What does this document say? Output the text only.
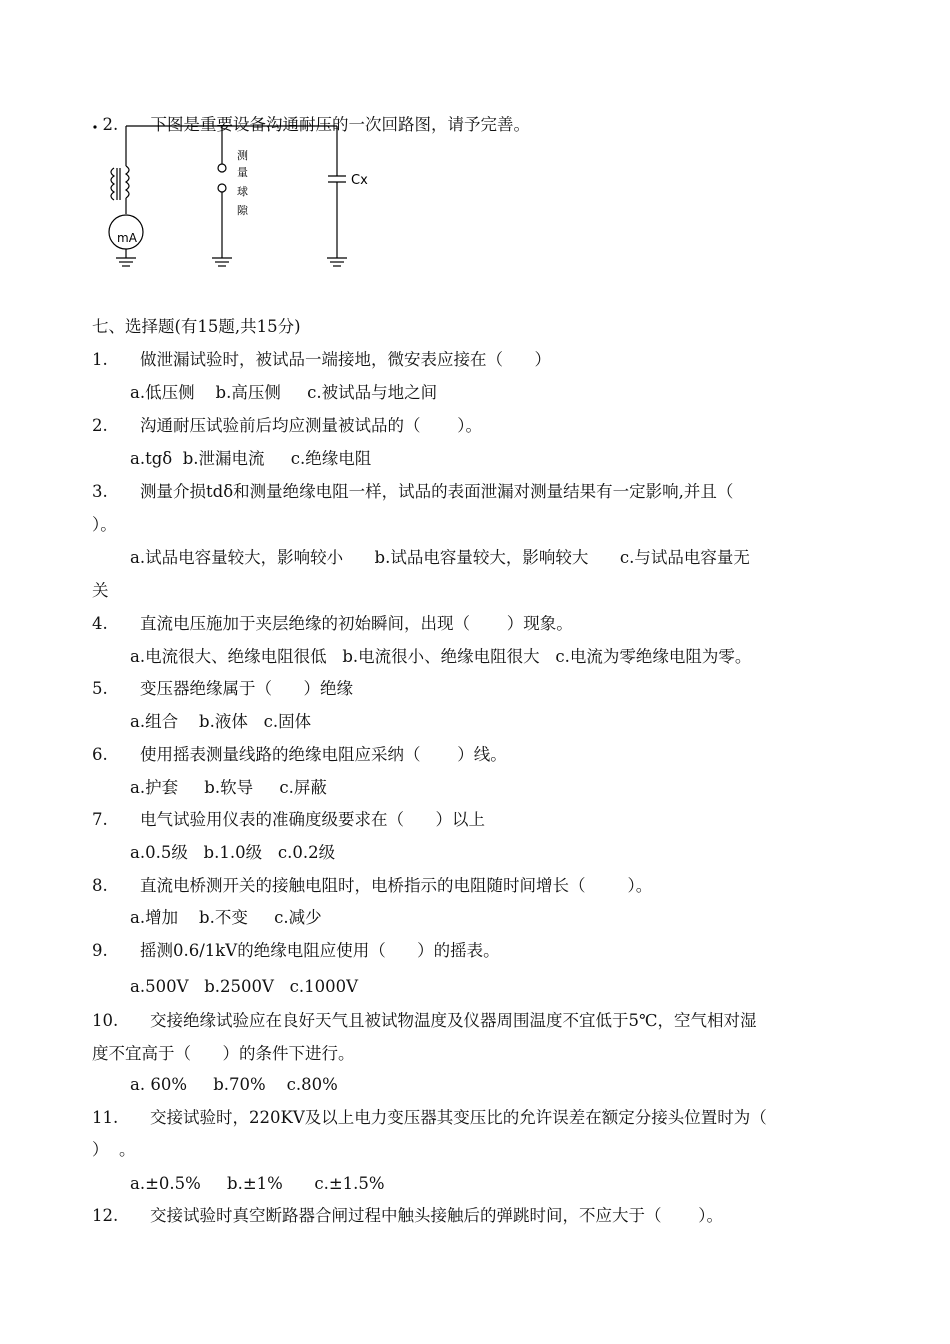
2. 下图是重要设备沟通耐压的一次回路图，请予完善。

mA
测
量
球
隙
Cx
七、选择题(有15题,共15分)
1. 做泄漏试验时，被试品一端接地，微安表应接在（      ）
a.低压侧    b.高压侧     c.被试品与地之间
2. 沟通耐压试验前后均应测量被试品的（       ）。
a.tgδ  b.泄漏电流     c.绝缘电阻
3. 测量介损tdδ和测量绝缘电阻一样，试品的表面泄漏对测量结果有一定影响,并且（
）。
a.试品电容量较大，影响较小      b.试品电容量较大，影响较大      c.与试品电容量无
关
4. 直流电压施加于夹层绝缘的初始瞬间，出现（       ）现象。
a.电流很大、绝缘电阻很低   b.电流很小、绝缘电阻很大   c.电流为零绝缘电阻为零。
5. 变压器绝缘属于（      ）绝缘
a.组合    b.液体   c.固体
6. 使用摇表测量线路的绝缘电阻应采纳（       ）线。
a.护套     b.软导     c.屏蔽
7. 电气试验用仪表的准确度级要求在（      ）以上
a.0.5级   b.1.0级   c.0.2级
8. 直流电桥测开关的接触电阻时，电桥指示的电阻随时间增长（        ）。
a.增加    b.不变     c.减少
9. 摇测0.6/1kV的绝缘电阻应使用（      ）的摇表。
a.500V   b.2500V   c.1000V
10. 交接绝缘试验应在良好天气且被试物温度及仪器周围温度不宜低于5℃，空气相对湿
度不宜高于（      ）的条件下进行。
a. 60%     b.70%    c.80%
11. 交接试验时，220KV及以上电力变压器其变压比的允许误差在额定分接头位置时为（
）  。
a.±0.5%     b.±1%      c.±1.5%
12. 交接试验时真空断路器合闸过程中触头接触后的弹跳时间，不应大于（       ）。
